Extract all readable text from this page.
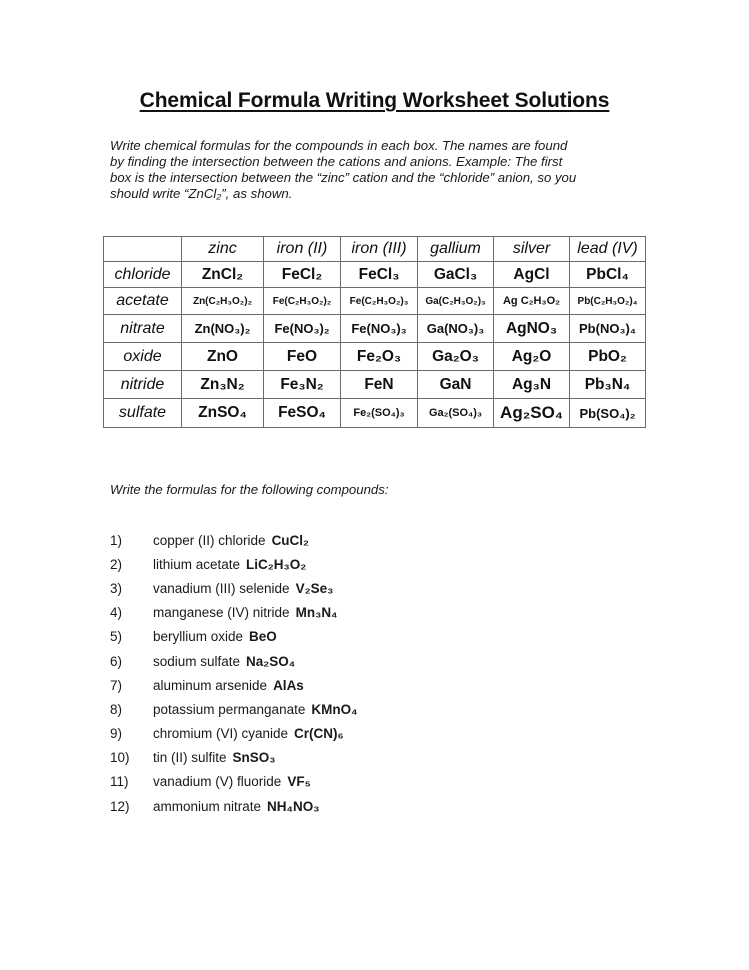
Chemical Formula Writing Worksheet Solutions
Write chemical formulas for the compounds in each box. The names are found
by finding the intersection between the cations and anions. Example: The first
box is the intersection between the “zinc” cation and the “chloride” anion, so you
should write “ZnCl₂”, as shown.
	zinc	iron (II)	iron (III)	gallium	silver	lead (IV)
chloride	ZnCl₂	FeCl₂	FeCl₃	GaCl₃	AgCl	PbCl₄
acetate	Zn(C₂H₃O₂)₂	Fe(C₂H₃O₂)₂	Fe(C₂H₃O₂)₃	Ga(C₂H₃O₂)₃	Ag C₂H₃O₂	Pb(C₂H₃O₂)₄
nitrate	Zn(NO₃)₂	Fe(NO₃)₂	Fe(NO₃)₃	Ga(NO₃)₃	AgNO₃	Pb(NO₃)₄
oxide	ZnO	FeO	Fe₂O₃	Ga₂O₃	Ag₂O	PbO₂
nitride	Zn₃N₂	Fe₃N₂	FeN	GaN	Ag₃N	Pb₃N₄
sulfate	ZnSO₄	FeSO₄	Fe₂(SO₄)₃	Ga₂(SO₄)₃	Ag₂SO₄	Pb(SO₄)₂
Write the formulas for the following compounds:
1)	copper (II) chloride CuCl₂
2)	lithium acetate LiC₂H₃O₂
3)	vanadium (III) selenide V₂Se₃
4)	manganese (IV) nitride Mn₃N₄
5)	beryllium oxide BeO
6)	sodium sulfate Na₂SO₄
7)	aluminum arsenide AlAs
8)	potassium permanganate KMnO₄
9)	chromium (VI) cyanide Cr(CN)₆
10)	tin (II) sulfite SnSO₃
11)	vanadium (V) fluoride VF₅
12)	ammonium nitrate NH₄NO₃
